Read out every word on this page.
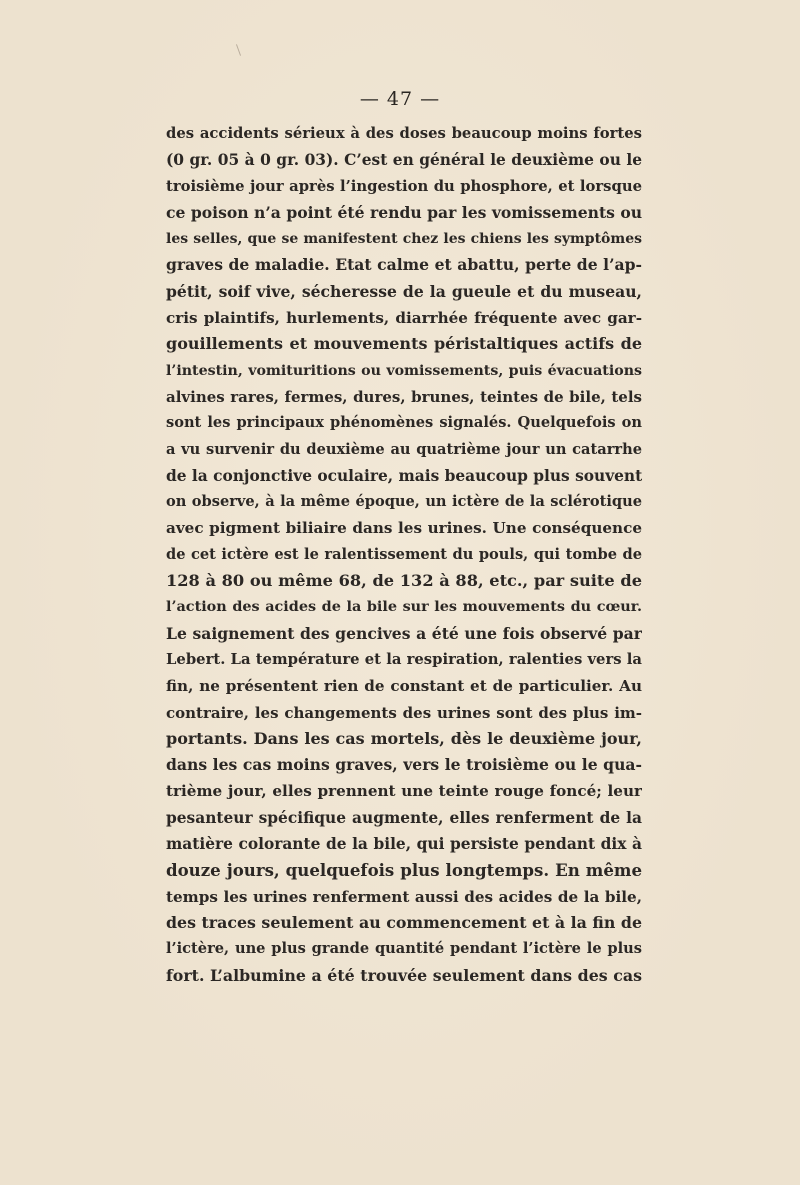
— 47 —
des accidents sérieux à des doses beaucoup moins fortes
(0 gr. 05 à 0 gr. 03). C’est en général le deuxième ou le
troisième jour après l’ingestion du phosphore, et lorsque
ce poison n’a point été rendu par les vomissements ou
les selles, que se manifestent chez les chiens les symptômes
graves de maladie. Etat calme et abattu, perte de l’ap-
pétit, soif vive, sécheresse de la gueule et du museau,
cris plaintifs, hurlements, diarrhée fréquente avec gar-
gouillements et mouvements péristaltiques actifs de
l’intestin, vomituritions ou vomissements, puis évacuations
alvines rares, fermes, dures, brunes, teintes de bile, tels
sont les principaux phénomènes signalés. Quelquefois on
a vu survenir du deuxième au quatrième jour un catarrhe
de la conjonctive oculaire, mais beaucoup plus souvent
on observe, à la même époque, un ictère de la sclérotique
avec pigment biliaire dans les urines. Une conséquence
de cet ictère est le ralentissement du pouls, qui tombe de
128 à 80 ou même 68, de 132 à 88, etc., par suite de
l’action des acides de la bile sur les mouvements du cœur.
Le saignement des gencives a été une fois observé par
Lebert. La température et la respiration, ralenties vers la
fin, ne présentent rien de constant et de particulier. Au
contraire, les changements des urines sont des plus im-
portants. Dans les cas mortels, dès le deuxième jour,
dans les cas moins graves, vers le troisième ou le qua-
trième jour, elles prennent une teinte rouge foncé; leur
pesanteur spécifique augmente, elles renferment de la
matière colorante de la bile, qui persiste pendant dix à
douze jours, quelquefois plus longtemps. En même
temps les urines renferment aussi des acides de la bile,
des traces seulement au commencement et à la fin de
l’ictère, une plus grande quantité pendant l’ictère le plus
fort. L’albumine a été trouvée seulement dans des cas
